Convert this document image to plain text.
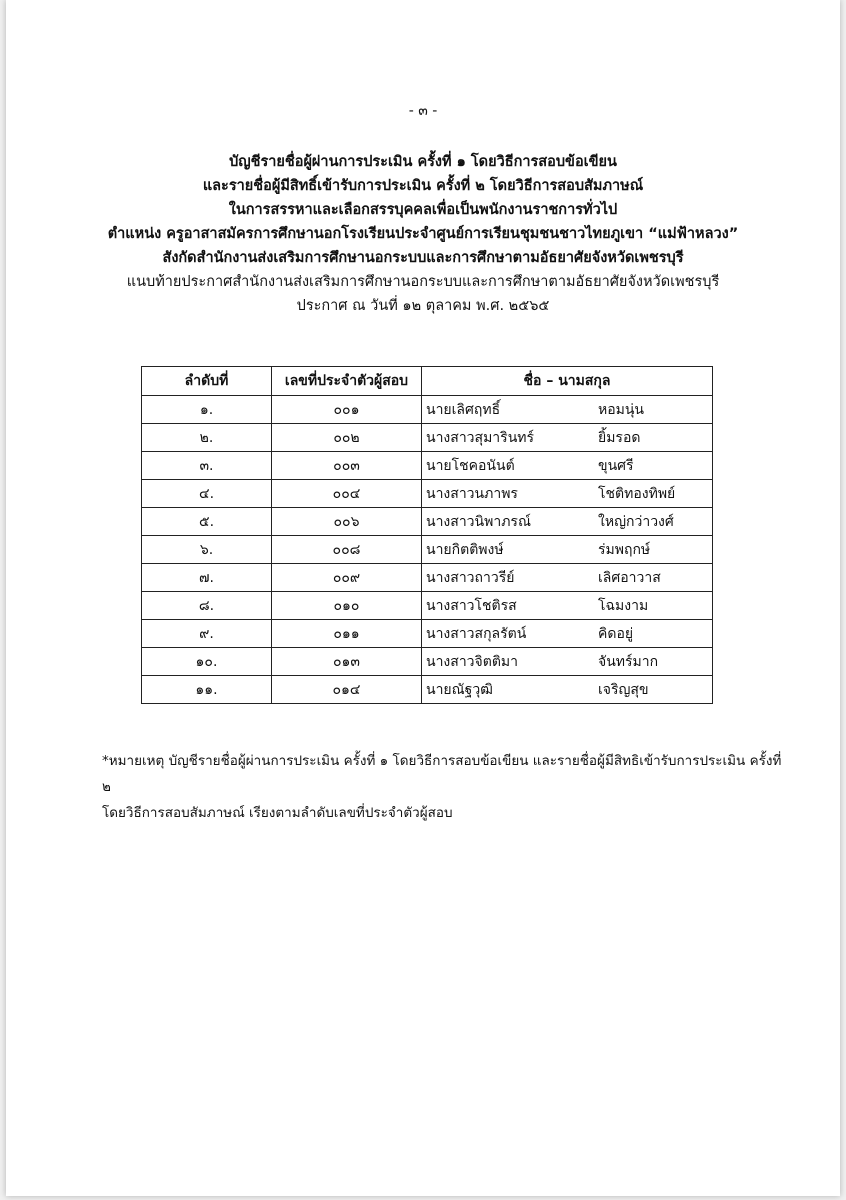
- ๓ -
บัญชีรายชื่อผู้ผ่านการประเมิน ครั้งที่ ๑ โดยวิธีการสอบข้อเขียน
และรายชื่อผู้มีสิทธิ์เข้ารับการประเมิน ครั้งที่ ๒ โดยวิธีการสอบสัมภาษณ์
ในการสรรหาและเลือกสรรบุคคลเพื่อเป็นพนักงานราชการทั่วไป
ตำแหน่ง ครูอาสาสมัครการศึกษานอกโรงเรียนประจำศูนย์การเรียนชุมชนชาวไทยภูเขา “แม่ฟ้าหลวง”
สังกัดสำนักงานส่งเสริมการศึกษานอกระบบและการศึกษาตามอัธยาศัยจังหวัดเพชรบุรี
แนบท้ายประกาศสำนักงานส่งเสริมการศึกษานอกระบบและการศึกษาตามอัธยาศัยจังหวัดเพชรบุรี
ประกาศ ณ วันที่ ๑๒ ตุลาคม พ.ศ. ๒๕๖๕
ลำดับที่	เลขที่ประจำตัวผู้สอบ	ชื่อ – นามสกุล
๑.	๐๐๑	นายเลิศฤทธิ์ หอมนุ่น
๒.	๐๐๒	นางสาวสุมารินทร์ ยิ้มรอด
๓.	๐๐๓	นายโชคอนันต์ ขุนศรี
๔.	๐๐๔	นางสาวนภาพร โชติทองทิพย์
๕.	๐๐๖	นางสาวนิพาภรณ์ ใหญ่กว่าวงศ์
๖.	๐๐๘	นายกิตติพงษ์ ร่มพฤกษ์
๗.	๐๐๙	นางสาวถาวรีย์ เลิศอาวาส
๘.	๐๑๐	นางสาวโชติรส โฉมงาม
๙.	๐๑๑	นางสาวสกุลรัตน์ คิดอยู่
๑๐.	๐๑๓	นางสาวจิตติมา จันทร์มาก
๑๑.	๐๑๔	นายณัฐวุฒิ เจริญสุข
*หมายเหตุ บัญชีรายชื่อผู้ผ่านการประเมิน ครั้งที่ ๑ โดยวิธีการสอบข้อเขียน และรายชื่อผู้มีสิทธิเข้ารับการประเมิน ครั้งที่ ๒
โดยวิธีการสอบสัมภาษณ์ เรียงตามลำดับเลขที่ประจำตัวผู้สอบ
